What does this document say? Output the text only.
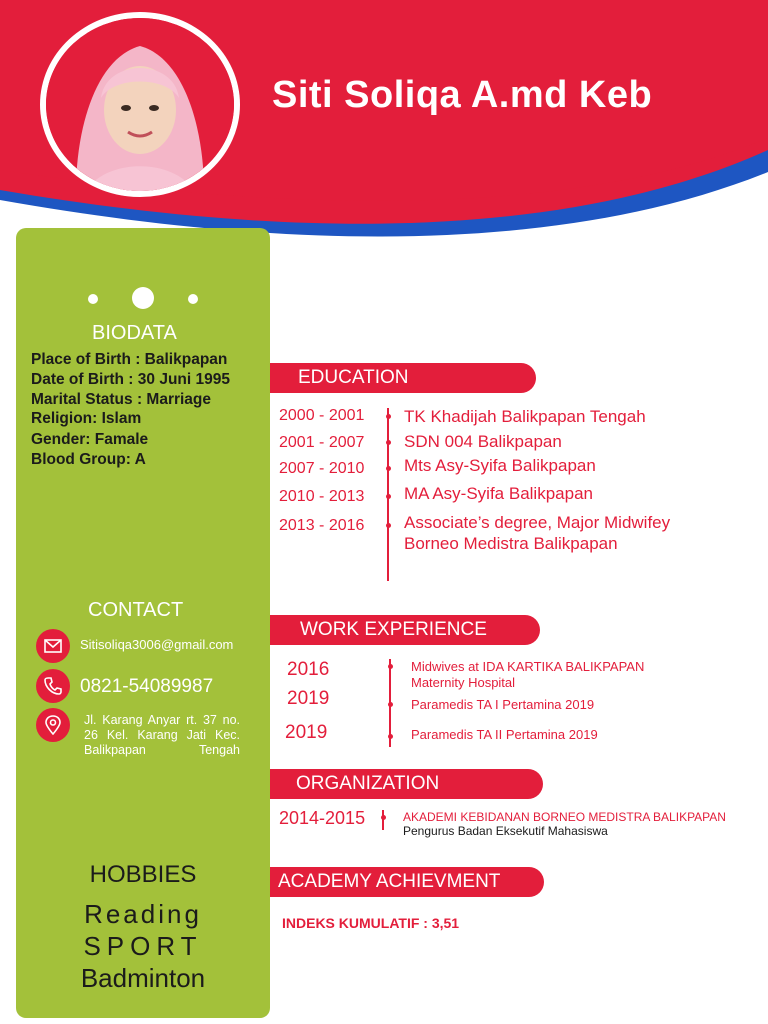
Siti Soliqa A.md Keb
BIODATA
Place of Birth : Balikpapan
Date of Birth : 30 Juni 1995
Marital Status : Marriage
Religion: Islam
Gender: Famale
Blood Group: A
CONTACT
Sitisoliqa3006@gmail.com
0821-54089987
Jl. Karang Anyar rt. 37 no. 26 Kel. Karang Jati Kec. Balikpapan Tengah
HOBBIES
Reading
SPORT
Badminton
EDUCATION
2000 - 2001 TK Khadijah Balikpapan Tengah
2001 - 2007 SDN 004 Balikpapan
2007 - 2010 Mts Asy-Syifa Balikpapan
2010 - 2013 MA Asy-Syifa Balikpapan
2013 - 2016 Associate’s degree, Major Midwifey
Borneo Medistra Balikpapan
WORK EXPERIENCE
2016	Midwives at IDA KARTIKA BALIKPAPAN
Maternity Hospital
2019	Paramedis TA I Pertamina 2019
2019	Paramedis TA II Pertamina 2019
ORGANIZATION
2014-2015	AKADEMI KEBIDANAN BORNEO MEDISTRA BALIKPAPAN
Pengurus Badan Eksekutif Mahasiswa
ACADEMY ACHIEVMENT
INDEKS KUMULATIF : 3,51
